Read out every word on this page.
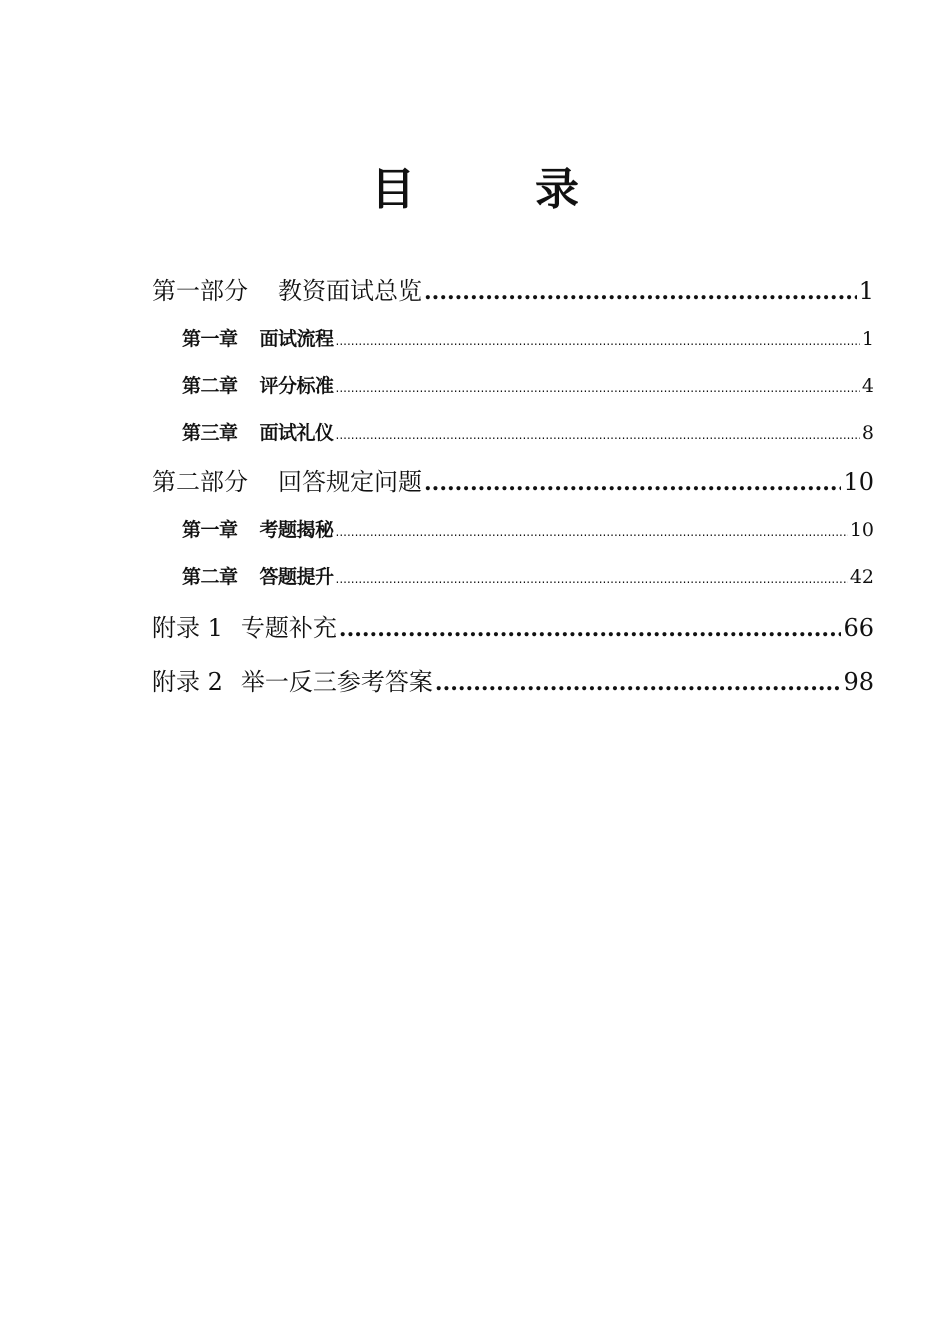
目　录
第一部分 教资面试总览 .....	1
第一章 面试流程 .....	1
第二章 评分标准 .....	4
第三章 面试礼仪 .....	8
第二部分 回答规定问题 .....	10
第一章 考题揭秘 .....	10
第二章 答题提升 .....	42
附录 1 专题补充 .....	66
附录 2 举一反三参考答案 .....	98
